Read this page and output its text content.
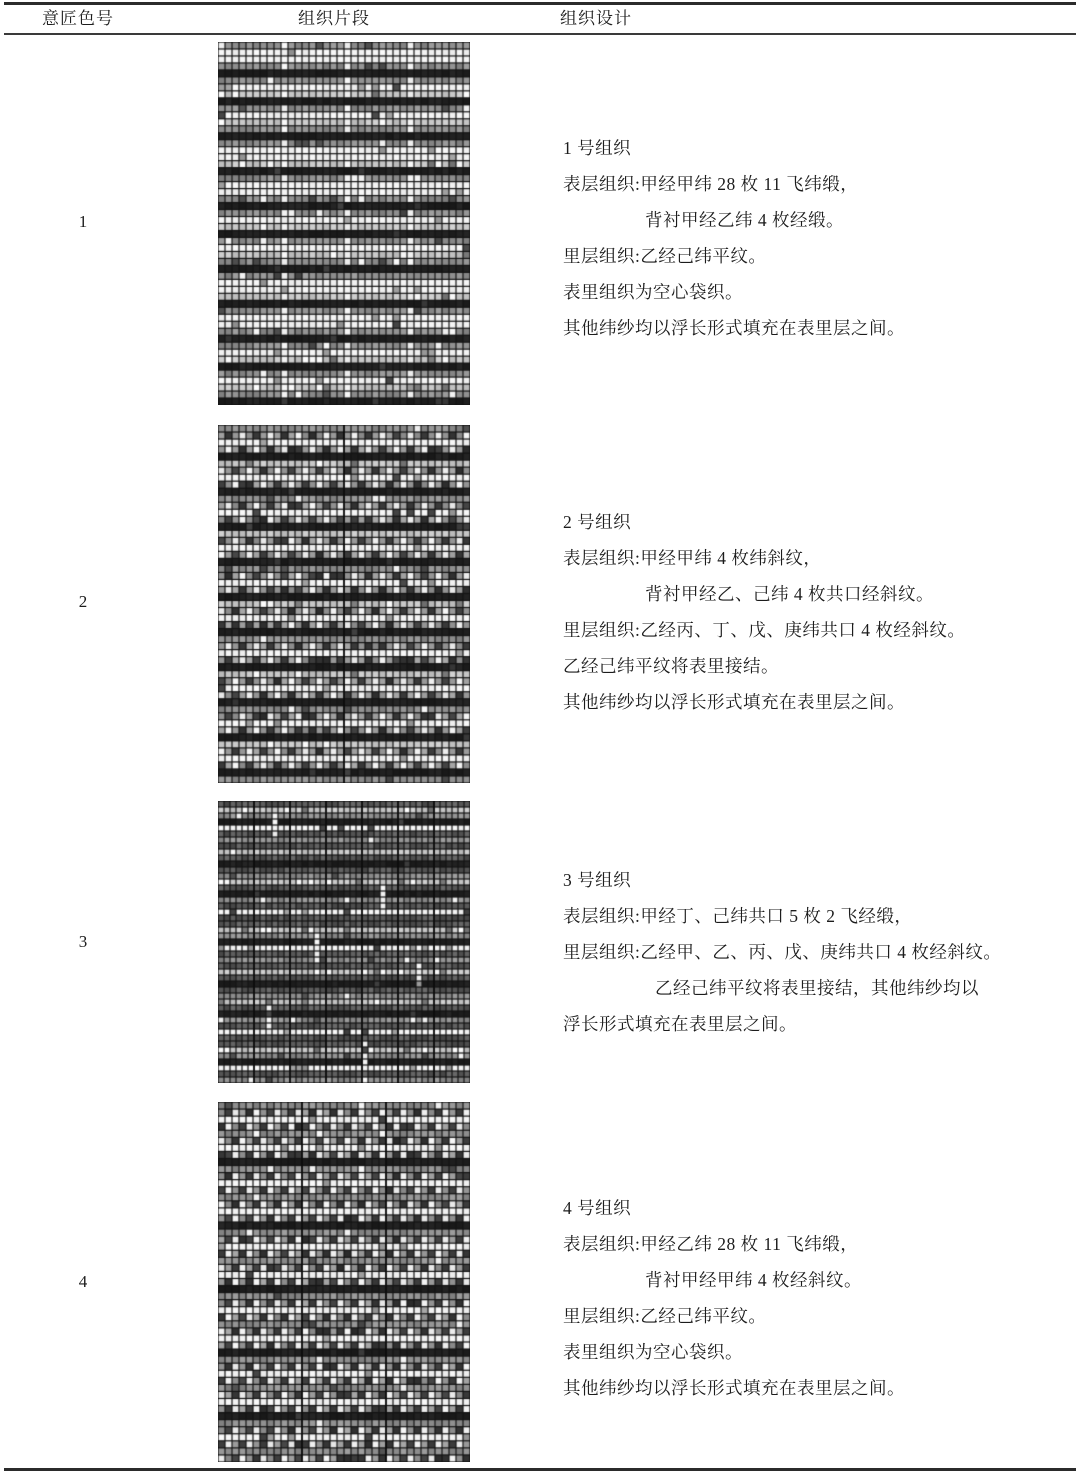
意匠色号	组织片段	组织设计
1
1 号组织
表层组织:甲经甲纬 28 枚 11 飞纬缎，
背衬甲经乙纬 4 枚经缎。
里层组织:乙经己纬平纹。
表里组织为空心袋织。
其他纬纱均以浮长形式填充在表里层之间。
2
2 号组织
表层组织:甲经甲纬 4 枚纬斜纹，
背衬甲经乙、己纬 4 枚共口经斜纹。
里层组织:乙经丙、丁、戊、庚纬共口 4 枚经斜纹。
乙经己纬平纹将表里接结。
其他纬纱均以浮长形式填充在表里层之间。
3
3 号组织
表层组织:甲经丁、己纬共口 5 枚 2 飞经缎，
里层组织:乙经甲、乙、丙、戊、庚纬共口 4 枚经斜纹。
乙经己纬平纹将表里接结，其他纬纱均以
浮长形式填充在表里层之间。
4
4 号组织
表层组织:甲经乙纬 28 枚 11 飞纬缎，
背衬甲经甲纬 4 枚经斜纹。
里层组织:乙经己纬平纹。
表里组织为空心袋织。
其他纬纱均以浮长形式填充在表里层之间。
